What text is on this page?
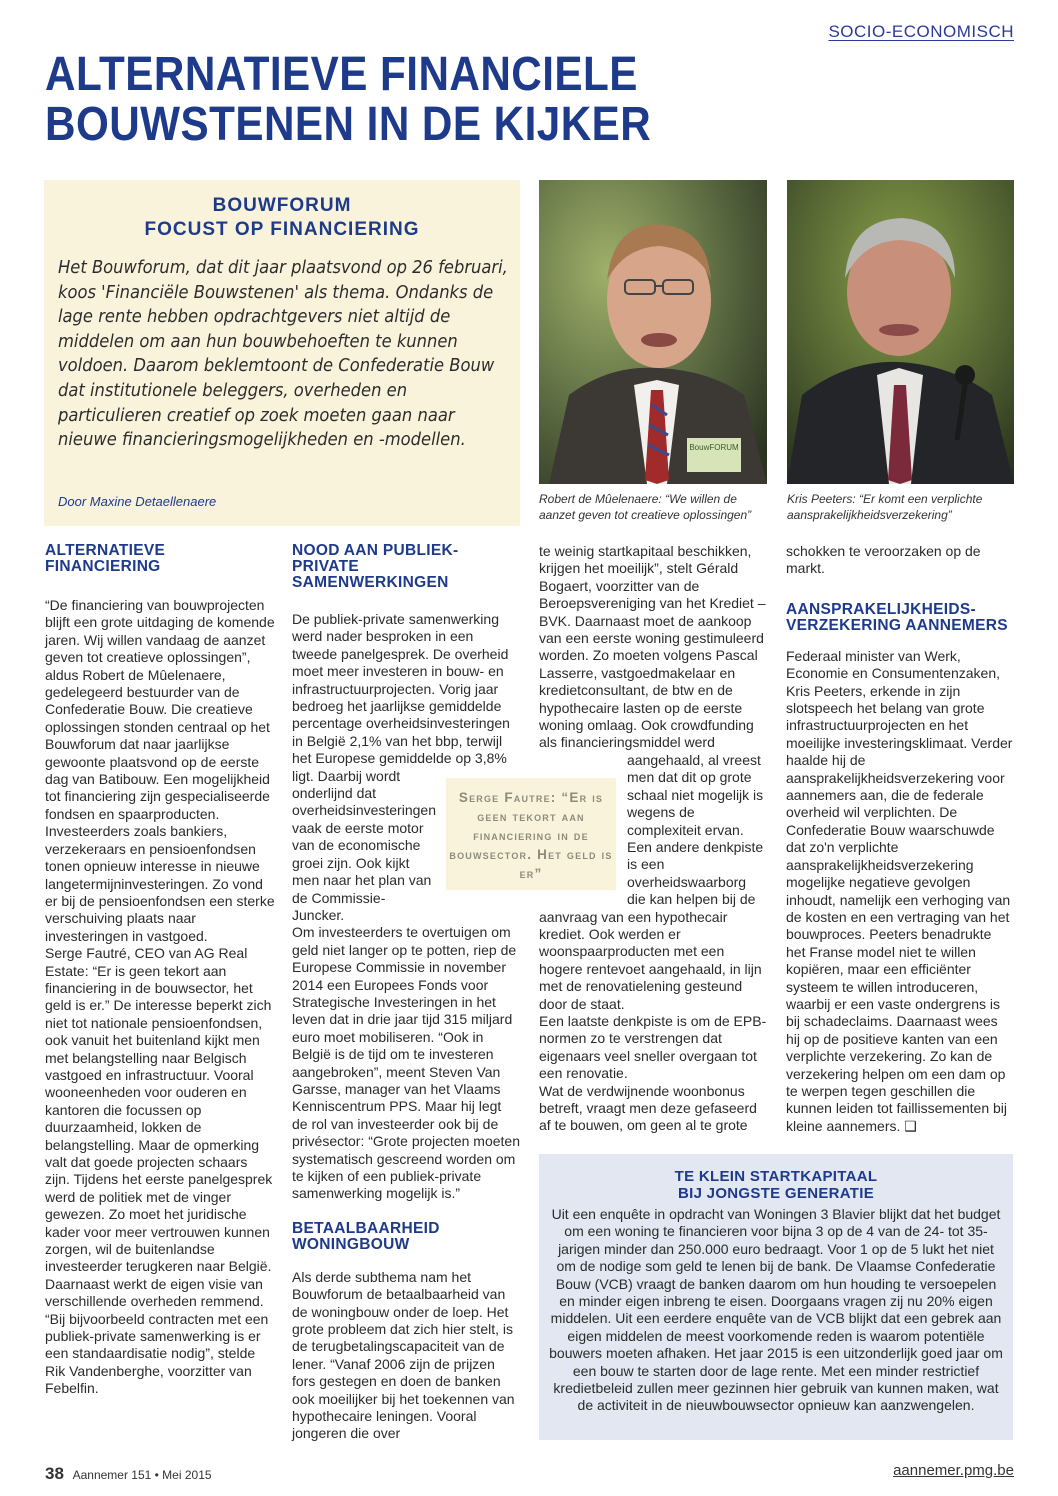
SOCIO-ECONOMISCH
ALTERNATIEVE FINANCIELE
BOUWSTENEN IN DE KIJKER
BOUWFORUM
FOCUST OP FINANCIERING
Het Bouwforum, dat dit jaar plaatsvond op 26 februari, koos 'Financiële Bouwstenen' als thema. Ondanks de lage rente hebben opdrachtgevers niet altijd de middelen om aan hun bouwbehoeften te kunnen voldoen. Daarom beklemtoont de Confederatie Bouw dat institutionele beleggers, overheden en particulieren creatief op zoek moeten gaan naar nieuwe financieringsmogelijkheden en -modellen.
Door Maxine Detaellenaere
BouwFORUM
Robert de Mûelenaere: “We willen de aanzet geven tot creatieve oplossingen”
Kris Peeters: “Er komt een verplichte aansprakelijkheidsverzekering”
ALTERNATIEVE FINANCIERING

“De financiering van bouwprojecten blijft een grote uitdaging de komende jaren. Wij willen vandaag de aanzet geven tot creatieve oplossingen”, aldus Robert de Mûelenaere, gedelegeerd bestuurder van de Confederatie Bouw. Die creatieve oplossingen stonden centraal op het Bouwforum dat naar jaarlijkse gewoonte plaatsvond op de eerste dag van Batibouw. Een mogelijkheid tot financiering zijn gespecialiseerde fondsen en spaarproducten. Investeerders zoals bankiers, verzekeraars en pensioenfondsen tonen opnieuw interesse in nieuwe langetermijninvesteringen. Zo vond er bij de pensioenfondsen een sterke verschuiving plaats naar investeringen in vastgoed.

Serge Fautré, CEO van AG Real Estate: “Er is geen tekort aan financiering in de bouwsector, het geld is er.” De interesse beperkt zich niet tot nationale pensioenfondsen, ook vanuit het buitenland kijkt men met belangstelling naar Belgisch vastgoed en infrastructuur. Vooral wooneenheden voor ouderen en kantoren die focussen op duurzaamheid, lokken de belangstelling. Maar de opmerking valt dat goede projecten schaars zijn. Tijdens het eerste panelgesprek werd de politiek met de vinger gewezen. Zo moet het juridische kader voor meer vertrouwen kunnen zorgen, wil de buitenlandse investeerder terugkeren naar België. Daarnaast werkt de eigen visie van verschillende overheden remmend. “Bij bijvoorbeeld contracten met een publiek-private samenwerking is er een standaardisatie nodig”, stelde Rik Vandenberghe, voorzitter van Febelfin.

NOOD AAN PUBLIEK-PRIVATE SAMENWERKINGEN

De publiek-private samenwerking werd nader besproken in een tweede panelgesprek. De overheid moet meer investeren in bouw- en infrastructuurprojecten. Vorig jaar bedroeg het jaarlijkse gemiddelde percentage overheidsinvesteringen in België 2,1% van het bbp, terwijl het Europese gemiddelde op 3,8% ligt. Daarbij wordt

onderlijnd dat overheidsinvesteringen vaak de eerste motor van de economische groei zijn. Ook kijkt men naar het plan van de Commissie-Juncker.

Om investeerders te overtuigen om geld niet langer op te potten, riep de Europese Commissie in november 2014 een Europees Fonds voor Strategische Investeringen in het leven dat in drie jaar tijd 315 miljard euro moet mobiliseren. “Ook in België is de tijd om te investeren aangebroken”, meent Steven Van Garsse, manager van het Vlaams Kenniscentrum PPS. Maar hij legt de rol van investeerder ook bij de privésector: “Grote projecten moeten systematisch gescreend worden om te kijken of een publiek-private samenwerking mogelijk is.”

BETAALBAARHEID WONINGBOUW

Als derde subthema nam het Bouwforum de betaalbaarheid van de woningbouw onder de loep. Het grote probleem dat zich hier stelt, is de terugbetalingscapaciteit van de lener. “Vanaf 2006 zijn de prijzen fors gestegen en doen de banken ook moeilijker bij het toekennen van hypothecaire leningen. Vooral jongeren die over

Serge Fautre: “Er is geen tekort aan financiering in de bouwsector. Het geld is er”

te weinig startkapitaal beschikken, krijgen het moeilijk”, stelt Gérald Bogaert, voorzitter van de Beroepsvereniging van het Krediet – BVK. Daarnaast moet de aankoop van een eerste woning gestimuleerd worden. Zo moeten volgens Pascal Lasserre, vastgoedmakelaar en kredietconsultant, de btw en de hypothecaire lasten op de eerste woning omlaag. Ook crowdfunding als financieringsmiddel werd

aangehaald, al vreest men dat dit op grote schaal niet mogelijk is wegens de complexiteit ervan. Een andere denkpiste is een overheidswaarborg die kan helpen bij de

aanvraag van een hypothecair krediet. Ook werden er woonspaarproducten met een hogere rentevoet aangehaald, in lijn met de renovatielening gesteund door de staat.

Een laatste denkpiste is om de EPB-normen zo te verstrengen dat eigenaars veel sneller overgaan tot een renovatie.

Wat de verdwijnende woonbonus betreft, vraagt men deze gefaseerd af te bouwen, om geen al te grote

schokken te veroorzaken op de markt.

AANSPRAKELIJKHEIDS-VERZEKERING AANNEMERS

Federaal minister van Werk, Economie en Consumentenzaken, Kris Peeters, erkende in zijn slotspeech het belang van grote infrastructuurprojecten en het moeilijke investeringsklimaat. Verder haalde hij de aansprakelijkheidsverzekering voor aannemers aan, die de federale overheid wil verplichten. De Confederatie Bouw waarschuwde dat zo'n verplichte aansprakelijkheidsverzekering mogelijke negatieve gevolgen inhoudt, namelijk een verhoging van de kosten en een vertraging van het bouwproces. Peeters benadrukte het Franse model niet te willen kopiëren, maar een efficiënter systeem te willen introduceren, waarbij er een vaste ondergrens is bij schadeclaims. Daarnaast wees hij op de positieve kanten van een verplichte verzekering. Zo kan de verzekering helpen om een dam op te werpen tegen geschillen die kunnen leiden tot faillissementen bij kleine aannemers. ❑

TE KLEIN STARTKAPITAAL
BIJ JONGSTE GENERATIE
Uit een enquête in opdracht van Woningen 3 Blavier blijkt dat het budget om een woning te financieren voor bijna 3 op de 4 van de 24- tot 35-jarigen minder dan 250.000 euro bedraagt. Voor 1 op de 5 lukt het niet om de nodige som geld te lenen bij de bank. De Vlaamse Confederatie Bouw (VCB) vraagt de banken daarom om hun houding te versoepelen en minder eigen inbreng te eisen. Doorgaans vragen zij nu 20% eigen middelen. Uit een eerdere enquête van de VCB blijkt dat een gebrek aan eigen middelen de meest voorkomende reden is waarom potentiële bouwers moeten afhaken. Het jaar 2015 is een uitzonderlijk goed jaar om een bouw te starten door de lage rente. Met een minder restrictief kredietbeleid zullen meer gezinnen hier gebruik van kunnen maken, wat de activiteit in de nieuwbouwsector opnieuw kan aanzwengelen.
38 Aannemer 151 • Mei 2015	aannemer.pmg.be
